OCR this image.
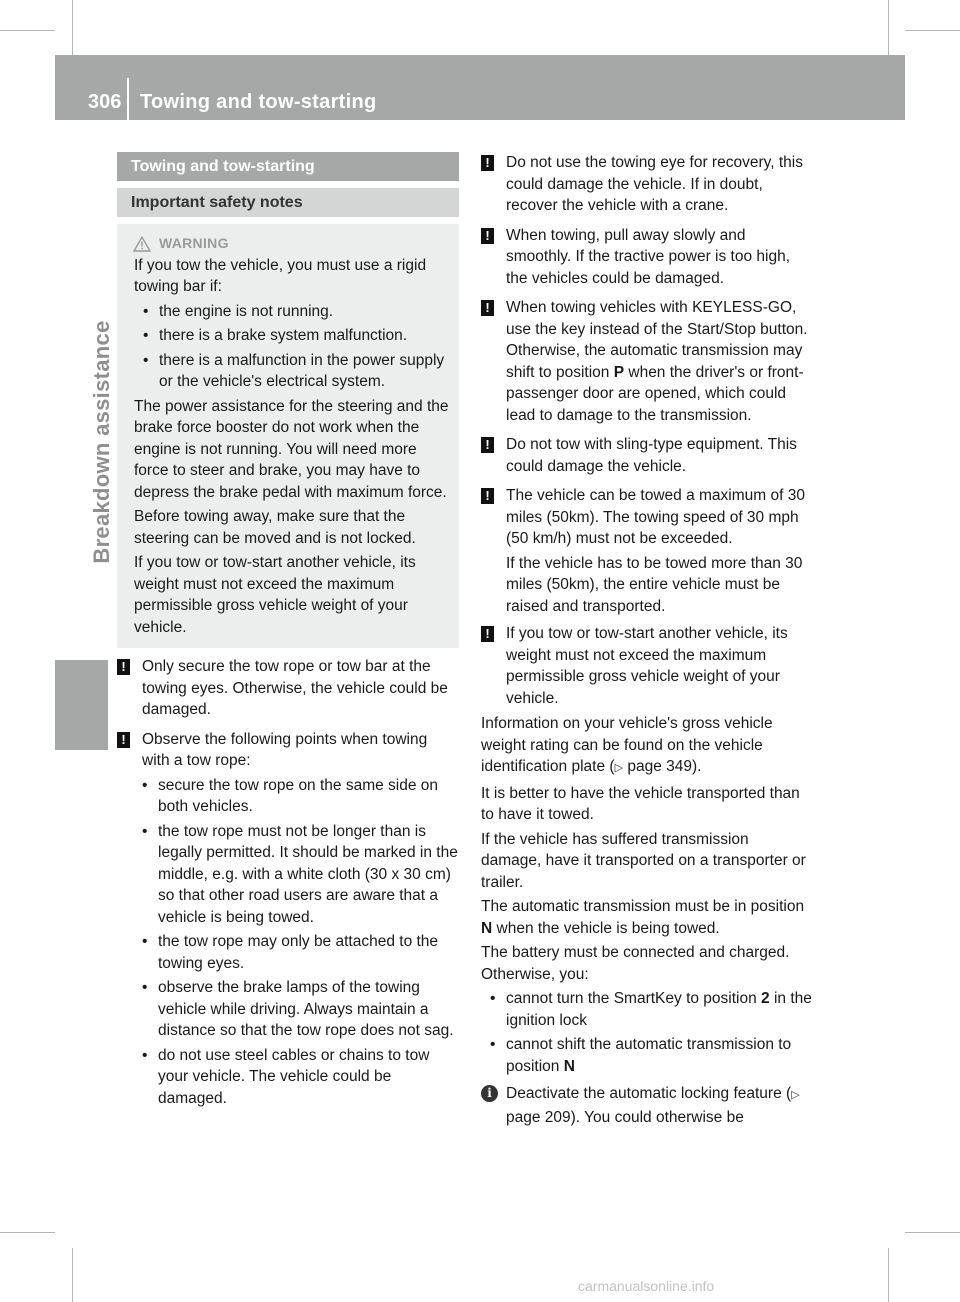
306 Towing and tow-starting
Breakdown assistance
Towing and tow-starting
Important safety notes
WARNING

If you tow the vehicle, you must use a rigid towing bar if:

• the engine is not running.
• there is a brake system malfunction.
• there is a malfunction in the power supply or the vehicle's electrical system.

The power assistance for the steering and the brake force booster do not work when the engine is not running. You will need more force to steer and brake, you may have to depress the brake pedal with maximum force.

Before towing away, make sure that the steering can be moved and is not locked.

If you tow or tow-start another vehicle, its weight must not exceed the maximum permissible gross vehicle weight of your vehicle.

! Only secure the tow rope or tow bar at the towing eyes. Otherwise, the vehicle could be damaged.
! Observe the following points when towing with a tow rope:
• secure the tow rope on the same side on both vehicles.
• the tow rope must not be longer than is legally permitted. It should be marked in the middle, e.g. with a white cloth (30 x 30 cm) so that other road users are aware that a vehicle is being towed.
• the tow rope may only be attached to the towing eyes.
• observe the brake lamps of the towing vehicle while driving. Always maintain a distance so that the tow rope does not sag.
• do not use steel cables or chains to tow your vehicle. The vehicle could be damaged.
! Do not use the towing eye for recovery, this could damage the vehicle. If in doubt, recover the vehicle with a crane.
! When towing, pull away slowly and smoothly. If the tractive power is too high, the vehicles could be damaged.
! When towing vehicles with KEYLESS-GO, use the key instead of the Start/Stop button. Otherwise, the automatic transmission may shift to position P when the driver's or front-passenger door are opened, which could lead to damage to the transmission.
! Do not tow with sling-type equipment. This could damage the vehicle.
! The vehicle can be towed a maximum of 30 miles (50km). The towing speed of 30 mph (50 km/h) must not be exceeded.

If the vehicle has to be towed more than 30 miles (50km), the entire vehicle must be raised and transported.

! If you tow or tow-start another vehicle, its weight must not exceed the maximum permissible gross vehicle weight of your vehicle.

Information on your vehicle's gross vehicle weight rating can be found on the vehicle identification plate (▷ page 349).

It is better to have the vehicle transported than to have it towed.

If the vehicle has suffered transmission damage, have it transported on a transporter or trailer.

The automatic transmission must be in position N when the vehicle is being towed.

The battery must be connected and charged. Otherwise, you:

• cannot turn the SmartKey to position 2 in the ignition lock
• cannot shift the automatic transmission to position N
i Deactivate the automatic locking feature (▷ page 209). You could otherwise be
carmanualsonline.info
